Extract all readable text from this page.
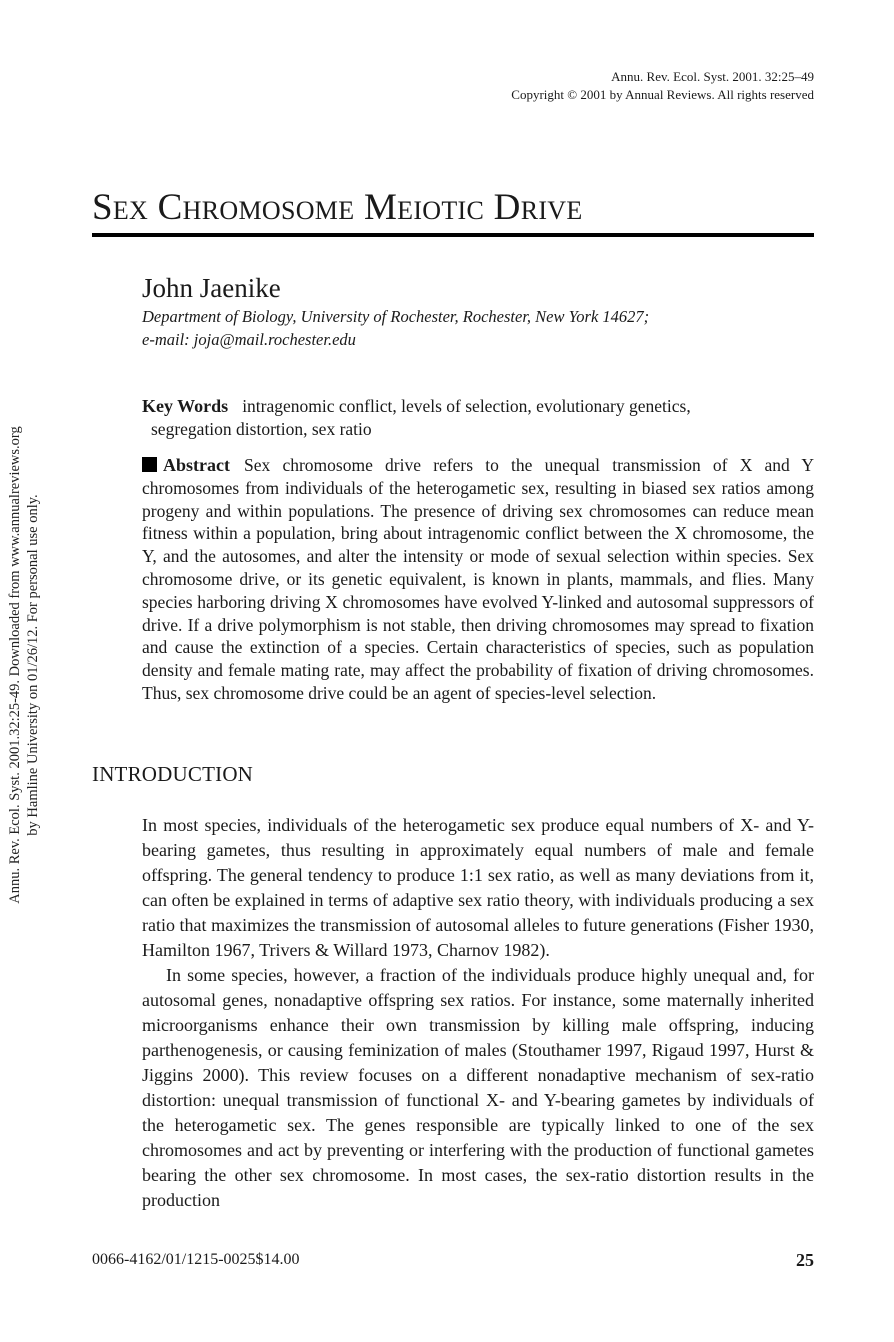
Annu. Rev. Ecol. Syst. 2001. 32:25–49
Copyright © 2001 by Annual Reviews. All rights reserved
Sex Chromosome Meiotic Drive
John Jaenike
Department of Biology, University of Rochester, Rochester, New York 14627;
e-mail: joja@mail.rochester.edu
Key Words intragenomic conflict, levels of selection, evolutionary genetics,
segregation distortion, sex ratio
Abstract Sex chromosome drive refers to the unequal transmission of X and Y chromosomes from individuals of the heterogametic sex, resulting in biased sex ratios among progeny and within populations. The presence of driving sex chromosomes can reduce mean fitness within a population, bring about intragenomic conflict between the X chromosome, the Y, and the autosomes, and alter the intensity or mode of sexual selection within species. Sex chromosome drive, or its genetic equivalent, is known in plants, mammals, and flies. Many species harboring driving X chromosomes have evolved Y-linked and autosomal suppressors of drive. If a drive polymorphism is not stable, then driving chromosomes may spread to fixation and cause the extinction of a species. Certain characteristics of species, such as population density and female mating rate, may affect the probability of fixation of driving chromosomes. Thus, sex chromosome drive could be an agent of species-level selection.
INTRODUCTION

In most species, individuals of the heterogametic sex produce equal numbers of X- and Y-bearing gametes, thus resulting in approximately equal numbers of male and female offspring. The general tendency to produce 1:1 sex ratio, as well as many deviations from it, can often be explained in terms of adaptive sex ratio theory, with individuals producing a sex ratio that maximizes the transmission of autosomal alleles to future generations (Fisher 1930, Hamilton 1967, Trivers & Willard 1973, Charnov 1982).

In some species, however, a fraction of the individuals produce highly unequal and, for autosomal genes, nonadaptive offspring sex ratios. For instance, some maternally inherited microorganisms enhance their own transmission by killing male offspring, inducing parthenogenesis, or causing feminization of males (Stouthamer 1997, Rigaud 1997, Hurst & Jiggins 2000). This review focuses on a different nonadaptive mechanism of sex-ratio distortion: unequal transmission of functional X- and Y-bearing gametes by individuals of the heterogametic sex. The genes responsible are typically linked to one of the sex chromosomes and act by preventing or interfering with the production of functional gametes bearing the other sex chromosome. In most cases, the sex-ratio distortion results in the production

0066-4162/01/1215-0025$14.00	25
Annu. Rev. Ecol. Syst. 2001.32:25-49. Downloaded from www.annualreviews.org by Hamline University on 01/26/12. For personal use only.
